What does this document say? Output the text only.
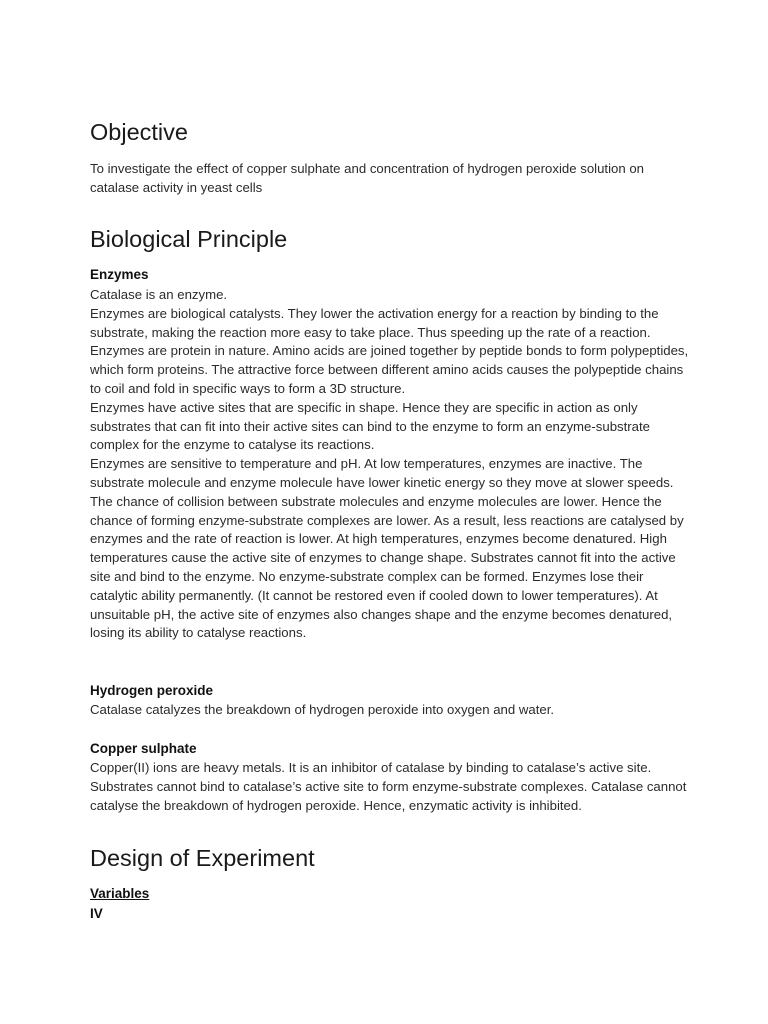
Objective

To investigate the effect of copper sulphate and concentration of hydrogen peroxide solution on catalase activity in yeast cells

Biological Principle
Enzymes

Catalase is an enzyme.

Enzymes are biological catalysts. They lower the activation energy for a reaction by binding to the substrate, making the reaction more easy to take place. Thus speeding up the rate of a reaction.

Enzymes are protein in nature. Amino acids are joined together by peptide bonds to form polypeptides, which form proteins. The attractive force between different amino acids causes the polypeptide chains to coil and fold in specific ways to form a 3D structure.

Enzymes have active sites that are specific in shape. Hence they are specific in action as only substrates that can fit into their active sites can bind to the enzyme to form an enzyme-substrate complex for the enzyme to catalyse its reactions.

Enzymes are sensitive to temperature and pH. At low temperatures, enzymes are inactive. The substrate molecule and enzyme molecule have lower kinetic energy so they move at slower speeds. The chance of collision between substrate molecules and enzyme molecules are lower. Hence the chance of forming enzyme-substrate complexes are lower. As a result, less reactions are catalysed by enzymes and the rate of reaction is lower. At high temperatures, enzymes become denatured. High temperatures cause the active site of enzymes to change shape. Substrates cannot fit into the active site and bind to the enzyme. No enzyme-substrate complex can be formed. Enzymes lose their catalytic ability permanently. (It cannot be restored even if cooled down to lower temperatures). At unsuitable pH, the active site of enzymes also changes shape and the enzyme becomes denatured, losing its ability to catalyse reactions.

Hydrogen peroxide

Catalase catalyzes the breakdown of hydrogen peroxide into oxygen and water.

Copper sulphate

Copper(II) ions are heavy metals. It is an inhibitor of catalase by binding to catalase’s active site. Substrates cannot bind to catalase’s active site to form enzyme-substrate complexes. Catalase cannot catalyse the breakdown of hydrogen peroxide. Hence, enzymatic activity is inhibited.

Design of Experiment
Variables
IV
